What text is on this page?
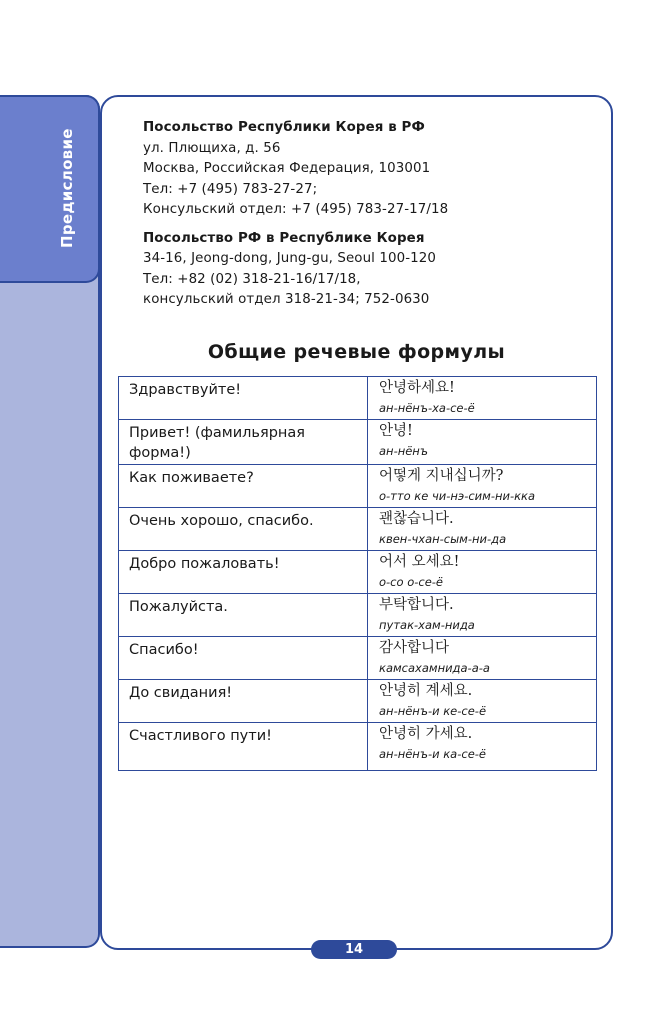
Предисловие
Посольство Республики Корея в РФ
ул. Плющиха, д. 56
Москва, Российская Федерация, 103001
Тел: +7 (495) 783-27-27;
Консульский отдел: +7 (495) 783-27-17/18
Посольство РФ в Республике Корея
34-16, Jeong-dong, Jung-gu, Seoul 100-120
Тел: +82 (02) 318-21-16/17/18,
консульский отдел 318-21-34; 752-0630
Общие речевые формулы
Здравствуйте!	안녕하세요!
ан-нёнъ-ха-се-ё

Привет! (фамильярная форма!)	안녕!
ан-нёнъ

Как поживаете?	어떻게 지내십니까?
о-тто ке чи-нэ-сим-ни-кка

Очень хорошо, спасибо.	괜찮습니다.
квен-чхан-сым-ни-да

Добро пожаловать!	어서 오세요!
о-со о-се-ё

Пожалуйста.	부탁합니다.
путак-хам-нида

Спасибо!	감사합니다
камсахамнида-а-а

До свидания!	안녕히 계세요.
ан-нёнъ-и ке-се-ё

Счастливого пути!	안녕히 가세요.
ан-нёнъ-и ка-се-ё
14
